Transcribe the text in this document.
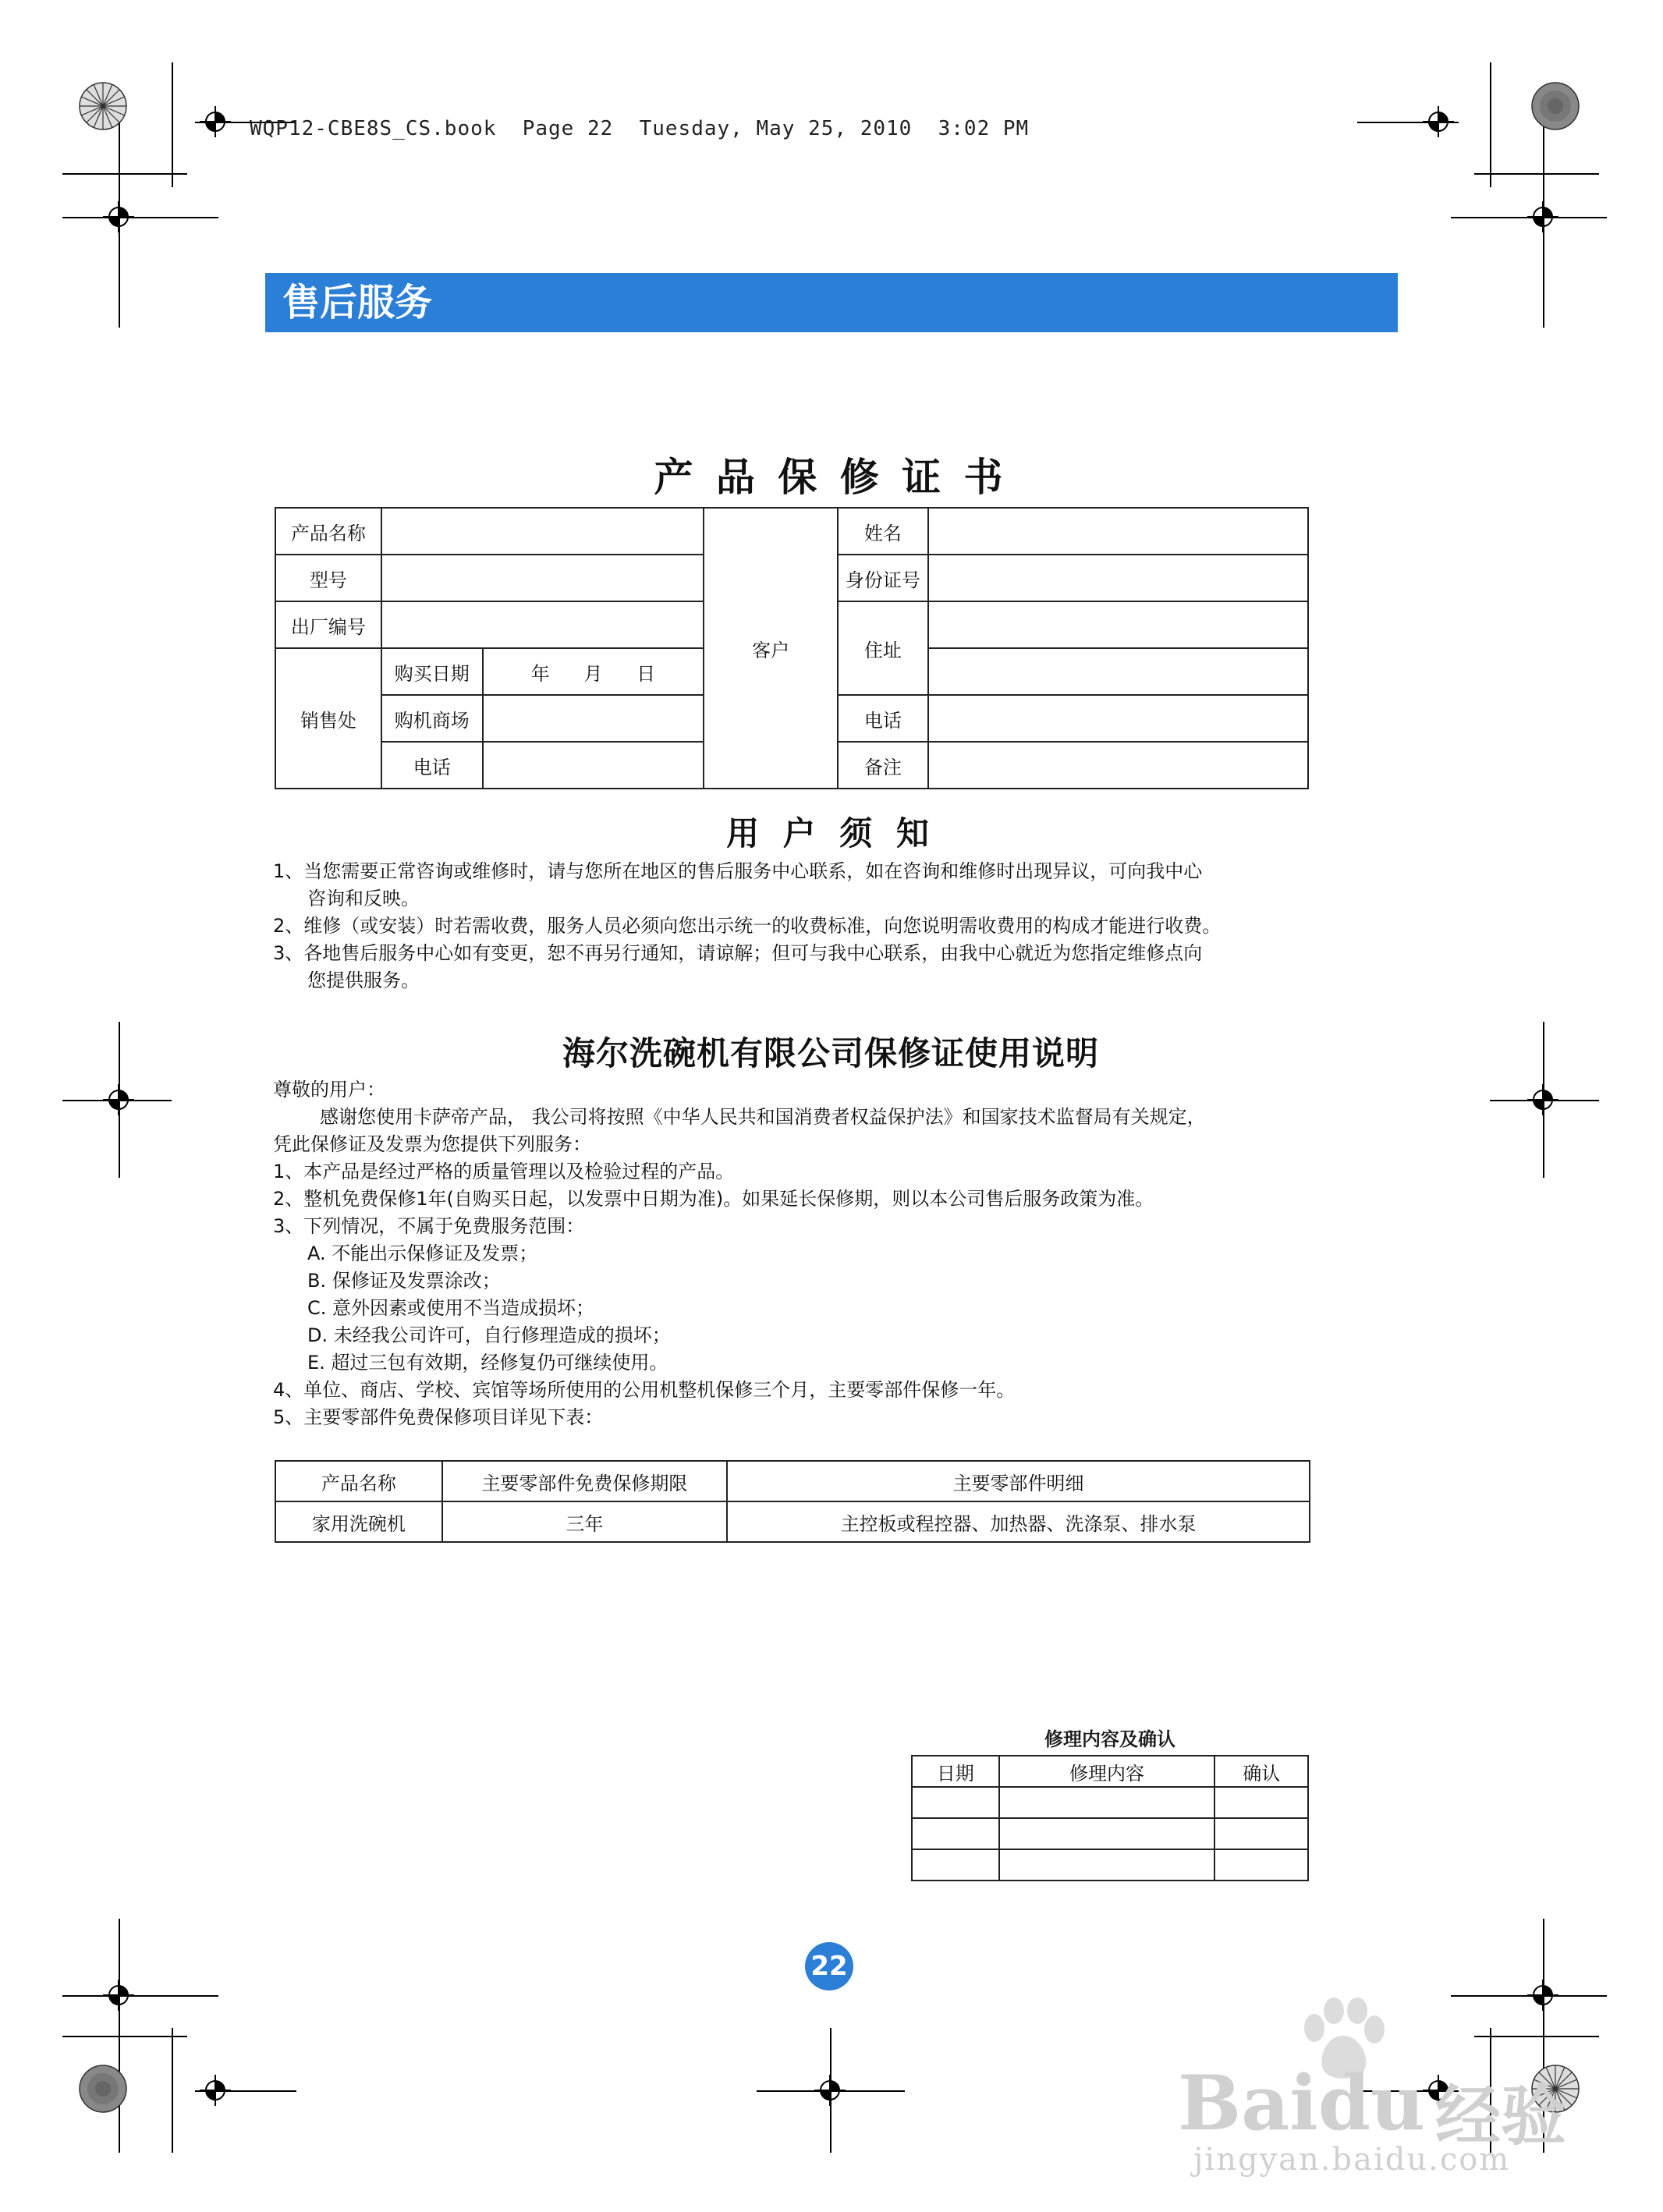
WQP12-CBE8S_CS.book  Page 22  Tuesday, May 25, 2010  3:02 PM
售后服务
产 品 保 修 证 书
产品名称			客户	姓名	
型号				身份证号	
出厂编号				住址	
销售处	购买日期	年 月 日			
	购机商场			电话	
	电话			备注	
用 户 须 知

1、当您需要正常咨询或维修时，请与您所在地区的售后服务中心联系，如在咨询和维修时出现异议，可向我中心

咨询和反映。

2、维修（或安装）时若需收费，服务人员必须向您出示统一的收费标准，向您说明需收费用的构成才能进行收费。

3、各地售后服务中心如有变更，恕不再另行通知，请谅解；但可与我中心联系，由我中心就近为您指定维修点向

您提供服务。

海尔洗碗机有限公司保修证使用说明

尊敬的用户：

感谢您使用卡萨帝产品， 我公司将按照《中华人民共和国消费者权益保护法》和国家技术监督局有关规定，

凭此保修证及发票为您提供下列服务：

1、本产品是经过严格的质量管理以及检验过程的产品。

2、整机免费保修1年(自购买日起，以发票中日期为准)。如果延长保修期，则以本公司售后服务政策为准。

3、下列情况，不属于免费服务范围：

A. 不能出示保修证及发票；

B. 保修证及发票涂改；

C. 意外因素或使用不当造成损坏；

D. 未经我公司许可，自行修理造成的损坏；

E. 超过三包有效期，经修复仍可继续使用。

4、单位、商店、学校、宾馆等场所使用的公用机整机保修三个月，主要零部件保修一年。

5、主要零部件免费保修项目详见下表：

产品名称	主要零部件免费保修期限	主要零部件明细
家用洗碗机	三年	主控板或程控器、加热器、洗涤泵、排水泵
修理内容及确认
日期	修理内容	确认

22
Baidu 经验
jingyan.baidu.com
